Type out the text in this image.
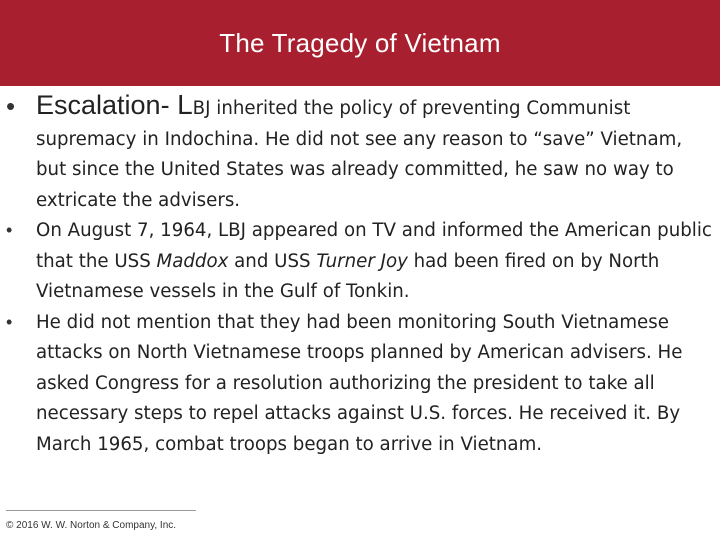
The Tragedy of Vietnam

• Escalation- LBJ inherited the policy of preventing Communist supremacy in Indochina. He did not see any reason to “save” Vietnam, but since the United States was already committed, he saw no way to extricate the advisers.

• On August 7, 1964, LBJ appeared on TV and informed the American public that the USS Maddox and USS Turner Joy had been fired on by North Vietnamese vessels in the Gulf of Tonkin.

• He did not mention that they had been monitoring South Vietnamese attacks on North Vietnamese troops planned by American advisers. He asked Congress for a resolution authorizing the president to take all necessary steps to repel attacks against U.S. forces. He received it. By March 1965, combat troops began to arrive in Vietnam.

© 2016 W. W. Norton & Company, Inc.
